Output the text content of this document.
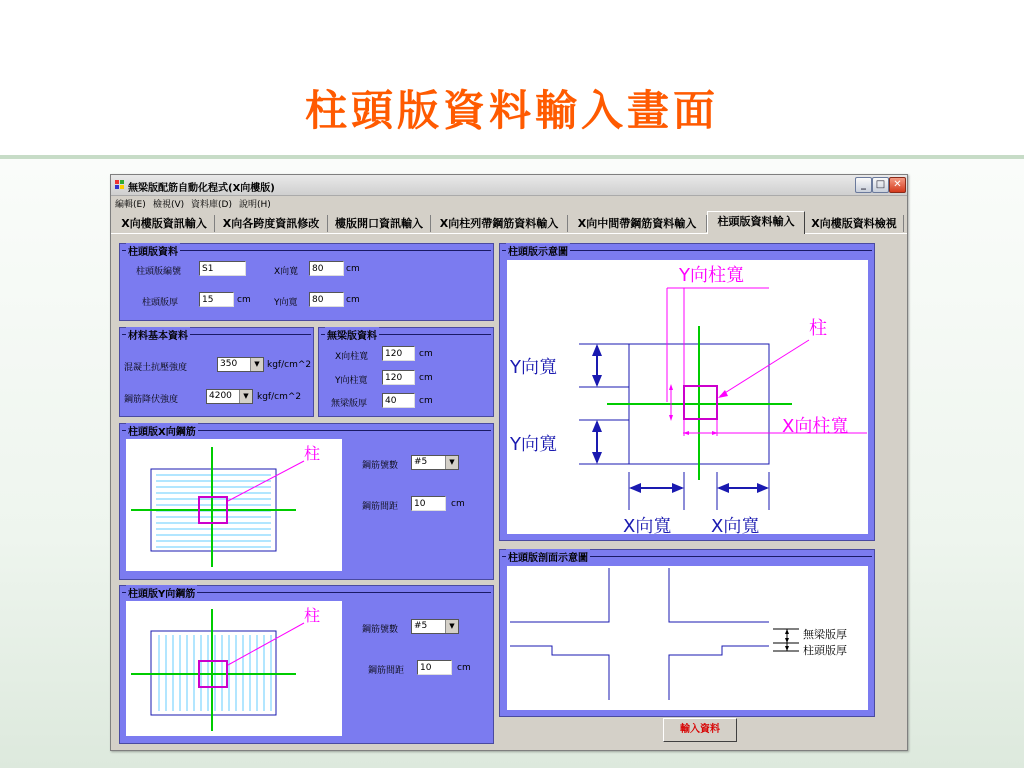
柱頭版資料輸入畫面
無梁版配筋自動化程式(X向樓版)	_ □ ✕
編輯(E) 檢視(V) 資料庫(D) 說明(H)
X向樓版資訊輸入	X向各跨度資訊修改	樓版開口資訊輸入	X向柱列帶鋼筋資料輸入	X向中間帶鋼筋資料輸入	柱頭版資料輸入	X向樓版資料檢視
柱頭版資料
柱頭版編號	S1	X向寬	80	cm
柱頭版厚	15	cm	Y向寬	80	cm
材料基本資料
混凝土抗壓強度	350	▼ kgf/cm^2
鋼筋降伏強度	4200	▼ kgf/cm^2
無梁版資料
X向柱寬	120	cm
Y向柱寬	120	cm
無梁版厚	40	cm
柱頭版X向鋼筋
柱
鋼筋號數	#5	▼
鋼筋間距	10	cm
柱頭版Y向鋼筋
柱
鋼筋號數	#5	▼
鋼筋間距	10	cm
柱頭版示意圖
Y向柱寬
柱
Y向寬
Y向寬
X向柱寬
X向寬 X向寬
柱頭版剖面示意圖
無梁版厚
柱頭版厚
輸入資料
